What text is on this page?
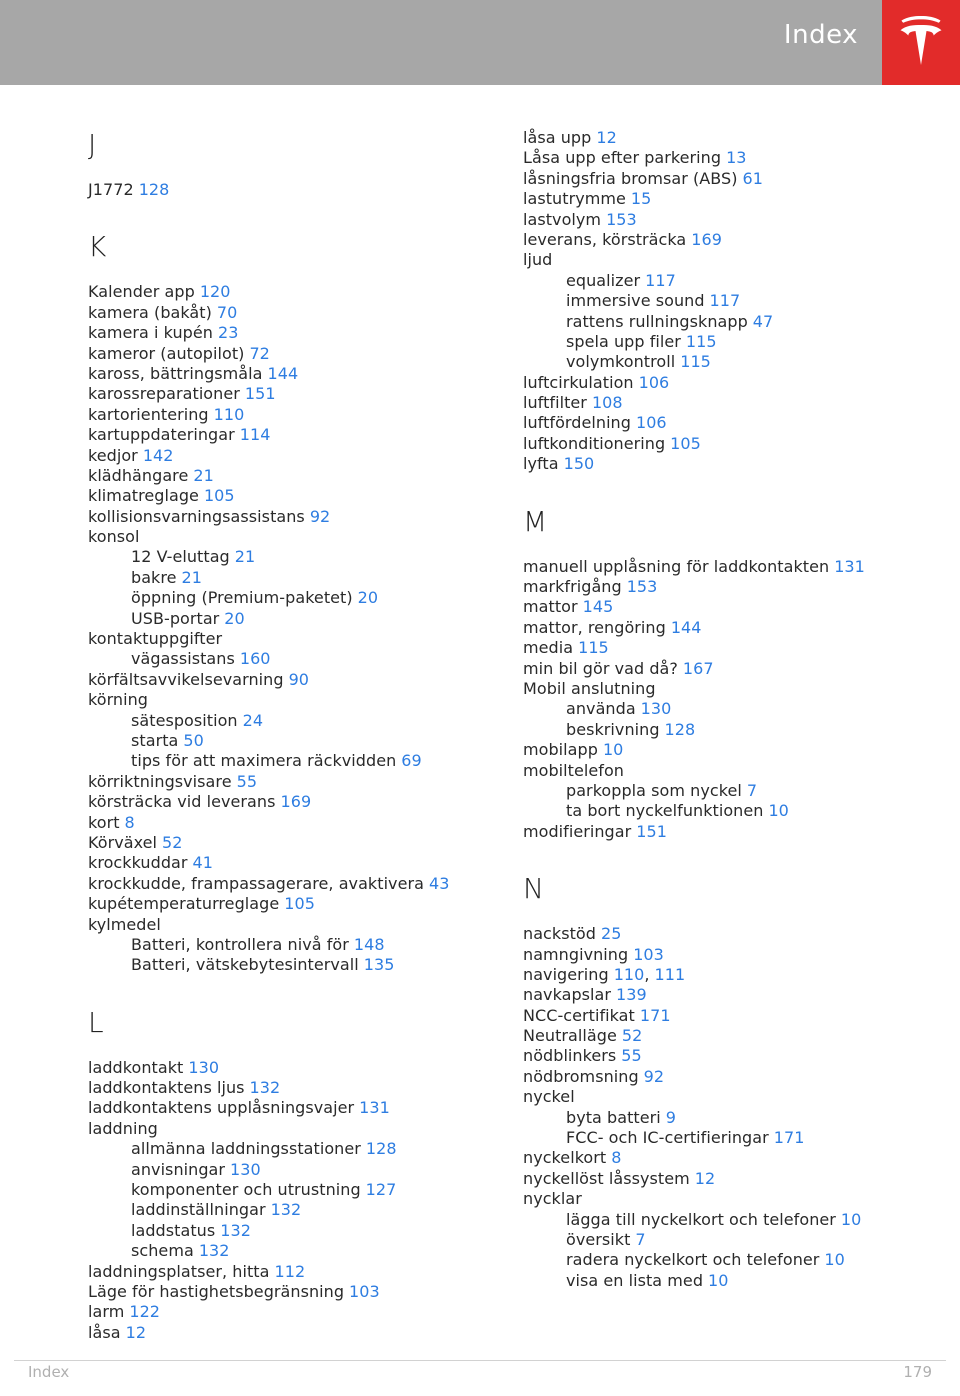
Index
J
J1772 128
K
Kalender app 120
kamera (bakåt) 70
kamera i kupén 23
kameror (autopilot) 72
kaross, bättringsmåla 144
karossreparationer 151
kartorientering 110
kartuppdateringar 114
kedjor 142
klädhängare 21
klimatreglage 105
kollisionsvarningsassistans 92
konsol
12 V-eluttag 21
bakre 21
öppning (Premium-paketet) 20
USB-portar 20
kontaktuppgifter
vägassistans 160
körfältsavvikelsevarning 90
körning
sätesposition 24
starta 50
tips för att maximera räckvidden 69
körriktningsvisare 55
körsträcka vid leverans 169
kort 8
Körväxel 52
krockkuddar 41
krockkudde, frampassagerare, avaktivera 43
kupétemperaturreglage 105
kylmedel
Batteri, kontrollera nivå för 148
Batteri, vätskebytesintervall 135
L
laddkontakt 130
laddkontaktens ljus 132
laddkontaktens upplåsningsvajer 131
laddning
allmänna laddningsstationer 128
anvisningar 130
komponenter och utrustning 127
laddinställningar 132
laddstatus 132
schema 132
laddningsplatser, hitta 112
Läge för hastighetsbegränsning 103
larm 122
låsa 12
låsa upp 12
Låsa upp efter parkering 13
låsningsfria bromsar (ABS) 61
lastutrymme 15
lastvolym 153
leverans, körsträcka 169
ljud
equalizer 117
immersive sound 117
rattens rullningsknapp 47
spela upp filer 115
volymkontroll 115
luftcirkulation 106
luftfilter 108
luftfördelning 106
luftkonditionering 105
lyfta 150
M
manuell upplåsning för laddkontakten 131
markfrigång 153
mattor 145
mattor, rengöring 144
media 115
min bil gör vad då? 167
Mobil anslutning
använda 130
beskrivning 128
mobilapp 10
mobiltelefon
parkoppla som nyckel 7
ta bort nyckelfunktionen 10
modifieringar 151
N
nackstöd 25
namngivning 103
navigering 110, 111
navkapslar 139
NCC-certifikat 171
Neutralläge 52
nödblinkers 55
nödbromsning 92
nyckel
byta batteri 9
FCC- och IC-certifieringar 171
nyckelkort 8
nyckellöst låssystem 12
nycklar
lägga till nyckelkort och telefoner 10
översikt 7
radera nyckelkort och telefoner 10
visa en lista med 10
Index	179
